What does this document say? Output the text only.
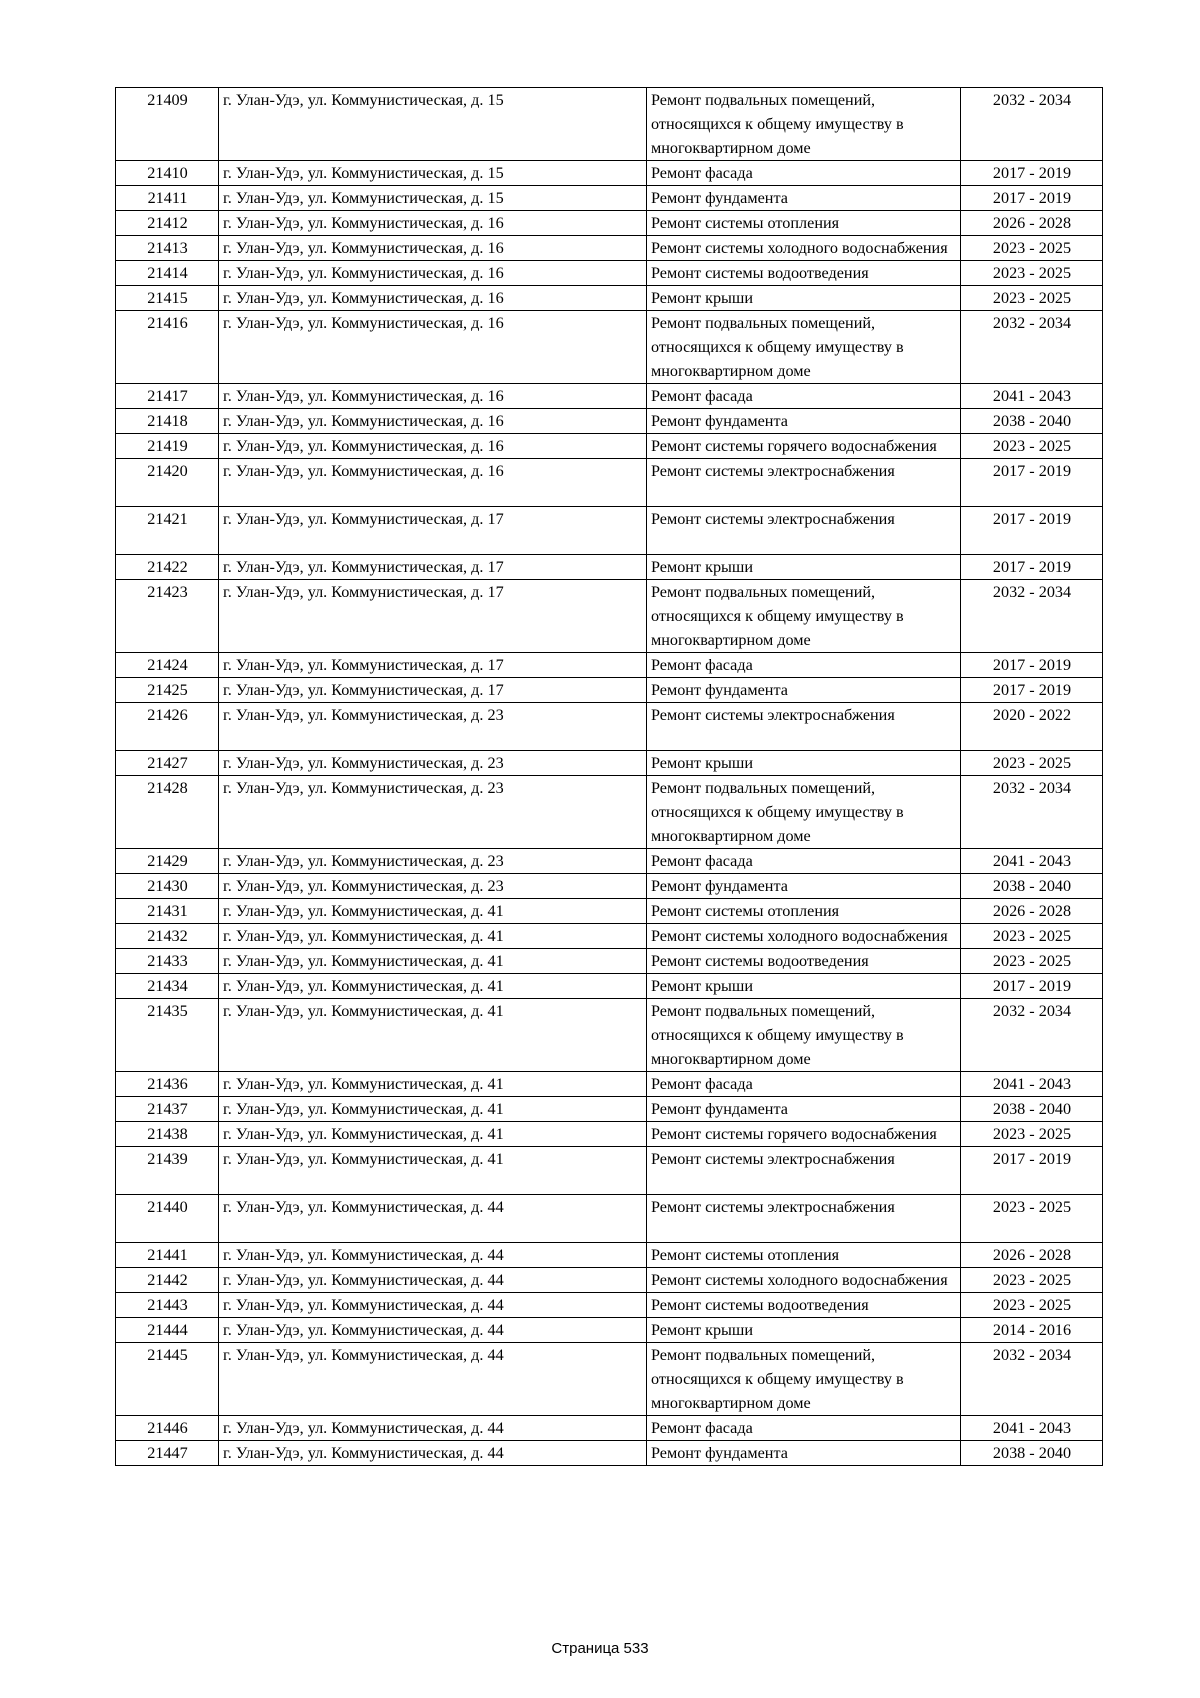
21409	г. Улан-Удэ, ул. Коммунистическая, д. 15	Ремонт подвальных помещений, относящихся к общему имуществу в многоквартирном доме	2032 - 2034
21410	г. Улан-Удэ, ул. Коммунистическая, д. 15	Ремонт фасада	2017 - 2019
21411	г. Улан-Удэ, ул. Коммунистическая, д. 15	Ремонт фундамента	2017 - 2019
21412	г. Улан-Удэ, ул. Коммунистическая, д. 16	Ремонт системы отопления	2026 - 2028
21413	г. Улан-Удэ, ул. Коммунистическая, д. 16	Ремонт системы холодного водоснабжения	2023 - 2025
21414	г. Улан-Удэ, ул. Коммунистическая, д. 16	Ремонт системы водоотведения	2023 - 2025
21415	г. Улан-Удэ, ул. Коммунистическая, д. 16	Ремонт крыши	2023 - 2025
21416	г. Улан-Удэ, ул. Коммунистическая, д. 16	Ремонт подвальных помещений, относящихся к общему имуществу в многоквартирном доме	2032 - 2034
21417	г. Улан-Удэ, ул. Коммунистическая, д. 16	Ремонт фасада	2041 - 2043
21418	г. Улан-Удэ, ул. Коммунистическая, д. 16	Ремонт фундамента	2038 - 2040
21419	г. Улан-Удэ, ул. Коммунистическая, д. 16	Ремонт системы горячего водоснабжения	2023 - 2025
21420	г. Улан-Удэ, ул. Коммунистическая, д. 16	Ремонт системы электроснабжения	2017 - 2019
21421	г. Улан-Удэ, ул. Коммунистическая, д. 17	Ремонт системы электроснабжения	2017 - 2019
21422	г. Улан-Удэ, ул. Коммунистическая, д. 17	Ремонт крыши	2017 - 2019
21423	г. Улан-Удэ, ул. Коммунистическая, д. 17	Ремонт подвальных помещений, относящихся к общему имуществу в многоквартирном доме	2032 - 2034
21424	г. Улан-Удэ, ул. Коммунистическая, д. 17	Ремонт фасада	2017 - 2019
21425	г. Улан-Удэ, ул. Коммунистическая, д. 17	Ремонт фундамента	2017 - 2019
21426	г. Улан-Удэ, ул. Коммунистическая, д. 23	Ремонт системы электроснабжения	2020 - 2022
21427	г. Улан-Удэ, ул. Коммунистическая, д. 23	Ремонт крыши	2023 - 2025
21428	г. Улан-Удэ, ул. Коммунистическая, д. 23	Ремонт подвальных помещений, относящихся к общему имуществу в многоквартирном доме	2032 - 2034
21429	г. Улан-Удэ, ул. Коммунистическая, д. 23	Ремонт фасада	2041 - 2043
21430	г. Улан-Удэ, ул. Коммунистическая, д. 23	Ремонт фундамента	2038 - 2040
21431	г. Улан-Удэ, ул. Коммунистическая, д. 41	Ремонт системы отопления	2026 - 2028
21432	г. Улан-Удэ, ул. Коммунистическая, д. 41	Ремонт системы холодного водоснабжения	2023 - 2025
21433	г. Улан-Удэ, ул. Коммунистическая, д. 41	Ремонт системы водоотведения	2023 - 2025
21434	г. Улан-Удэ, ул. Коммунистическая, д. 41	Ремонт крыши	2017 - 2019
21435	г. Улан-Удэ, ул. Коммунистическая, д. 41	Ремонт подвальных помещений, относящихся к общему имуществу в многоквартирном доме	2032 - 2034
21436	г. Улан-Удэ, ул. Коммунистическая, д. 41	Ремонт фасада	2041 - 2043
21437	г. Улан-Удэ, ул. Коммунистическая, д. 41	Ремонт фундамента	2038 - 2040
21438	г. Улан-Удэ, ул. Коммунистическая, д. 41	Ремонт системы горячего водоснабжения	2023 - 2025
21439	г. Улан-Удэ, ул. Коммунистическая, д. 41	Ремонт системы электроснабжения	2017 - 2019
21440	г. Улан-Удэ, ул. Коммунистическая, д. 44	Ремонт системы электроснабжения	2023 - 2025
21441	г. Улан-Удэ, ул. Коммунистическая, д. 44	Ремонт системы отопления	2026 - 2028
21442	г. Улан-Удэ, ул. Коммунистическая, д. 44	Ремонт системы холодного водоснабжения	2023 - 2025
21443	г. Улан-Удэ, ул. Коммунистическая, д. 44	Ремонт системы водоотведения	2023 - 2025
21444	г. Улан-Удэ, ул. Коммунистическая, д. 44	Ремонт крыши	2014 - 2016
21445	г. Улан-Удэ, ул. Коммунистическая, д. 44	Ремонт подвальных помещений, относящихся к общему имуществу в многоквартирном доме	2032 - 2034
21446	г. Улан-Удэ, ул. Коммунистическая, д. 44	Ремонт фасада	2041 - 2043
21447	г. Улан-Удэ, ул. Коммунистическая, д. 44	Ремонт фундамента	2038 - 2040
Страница 533
